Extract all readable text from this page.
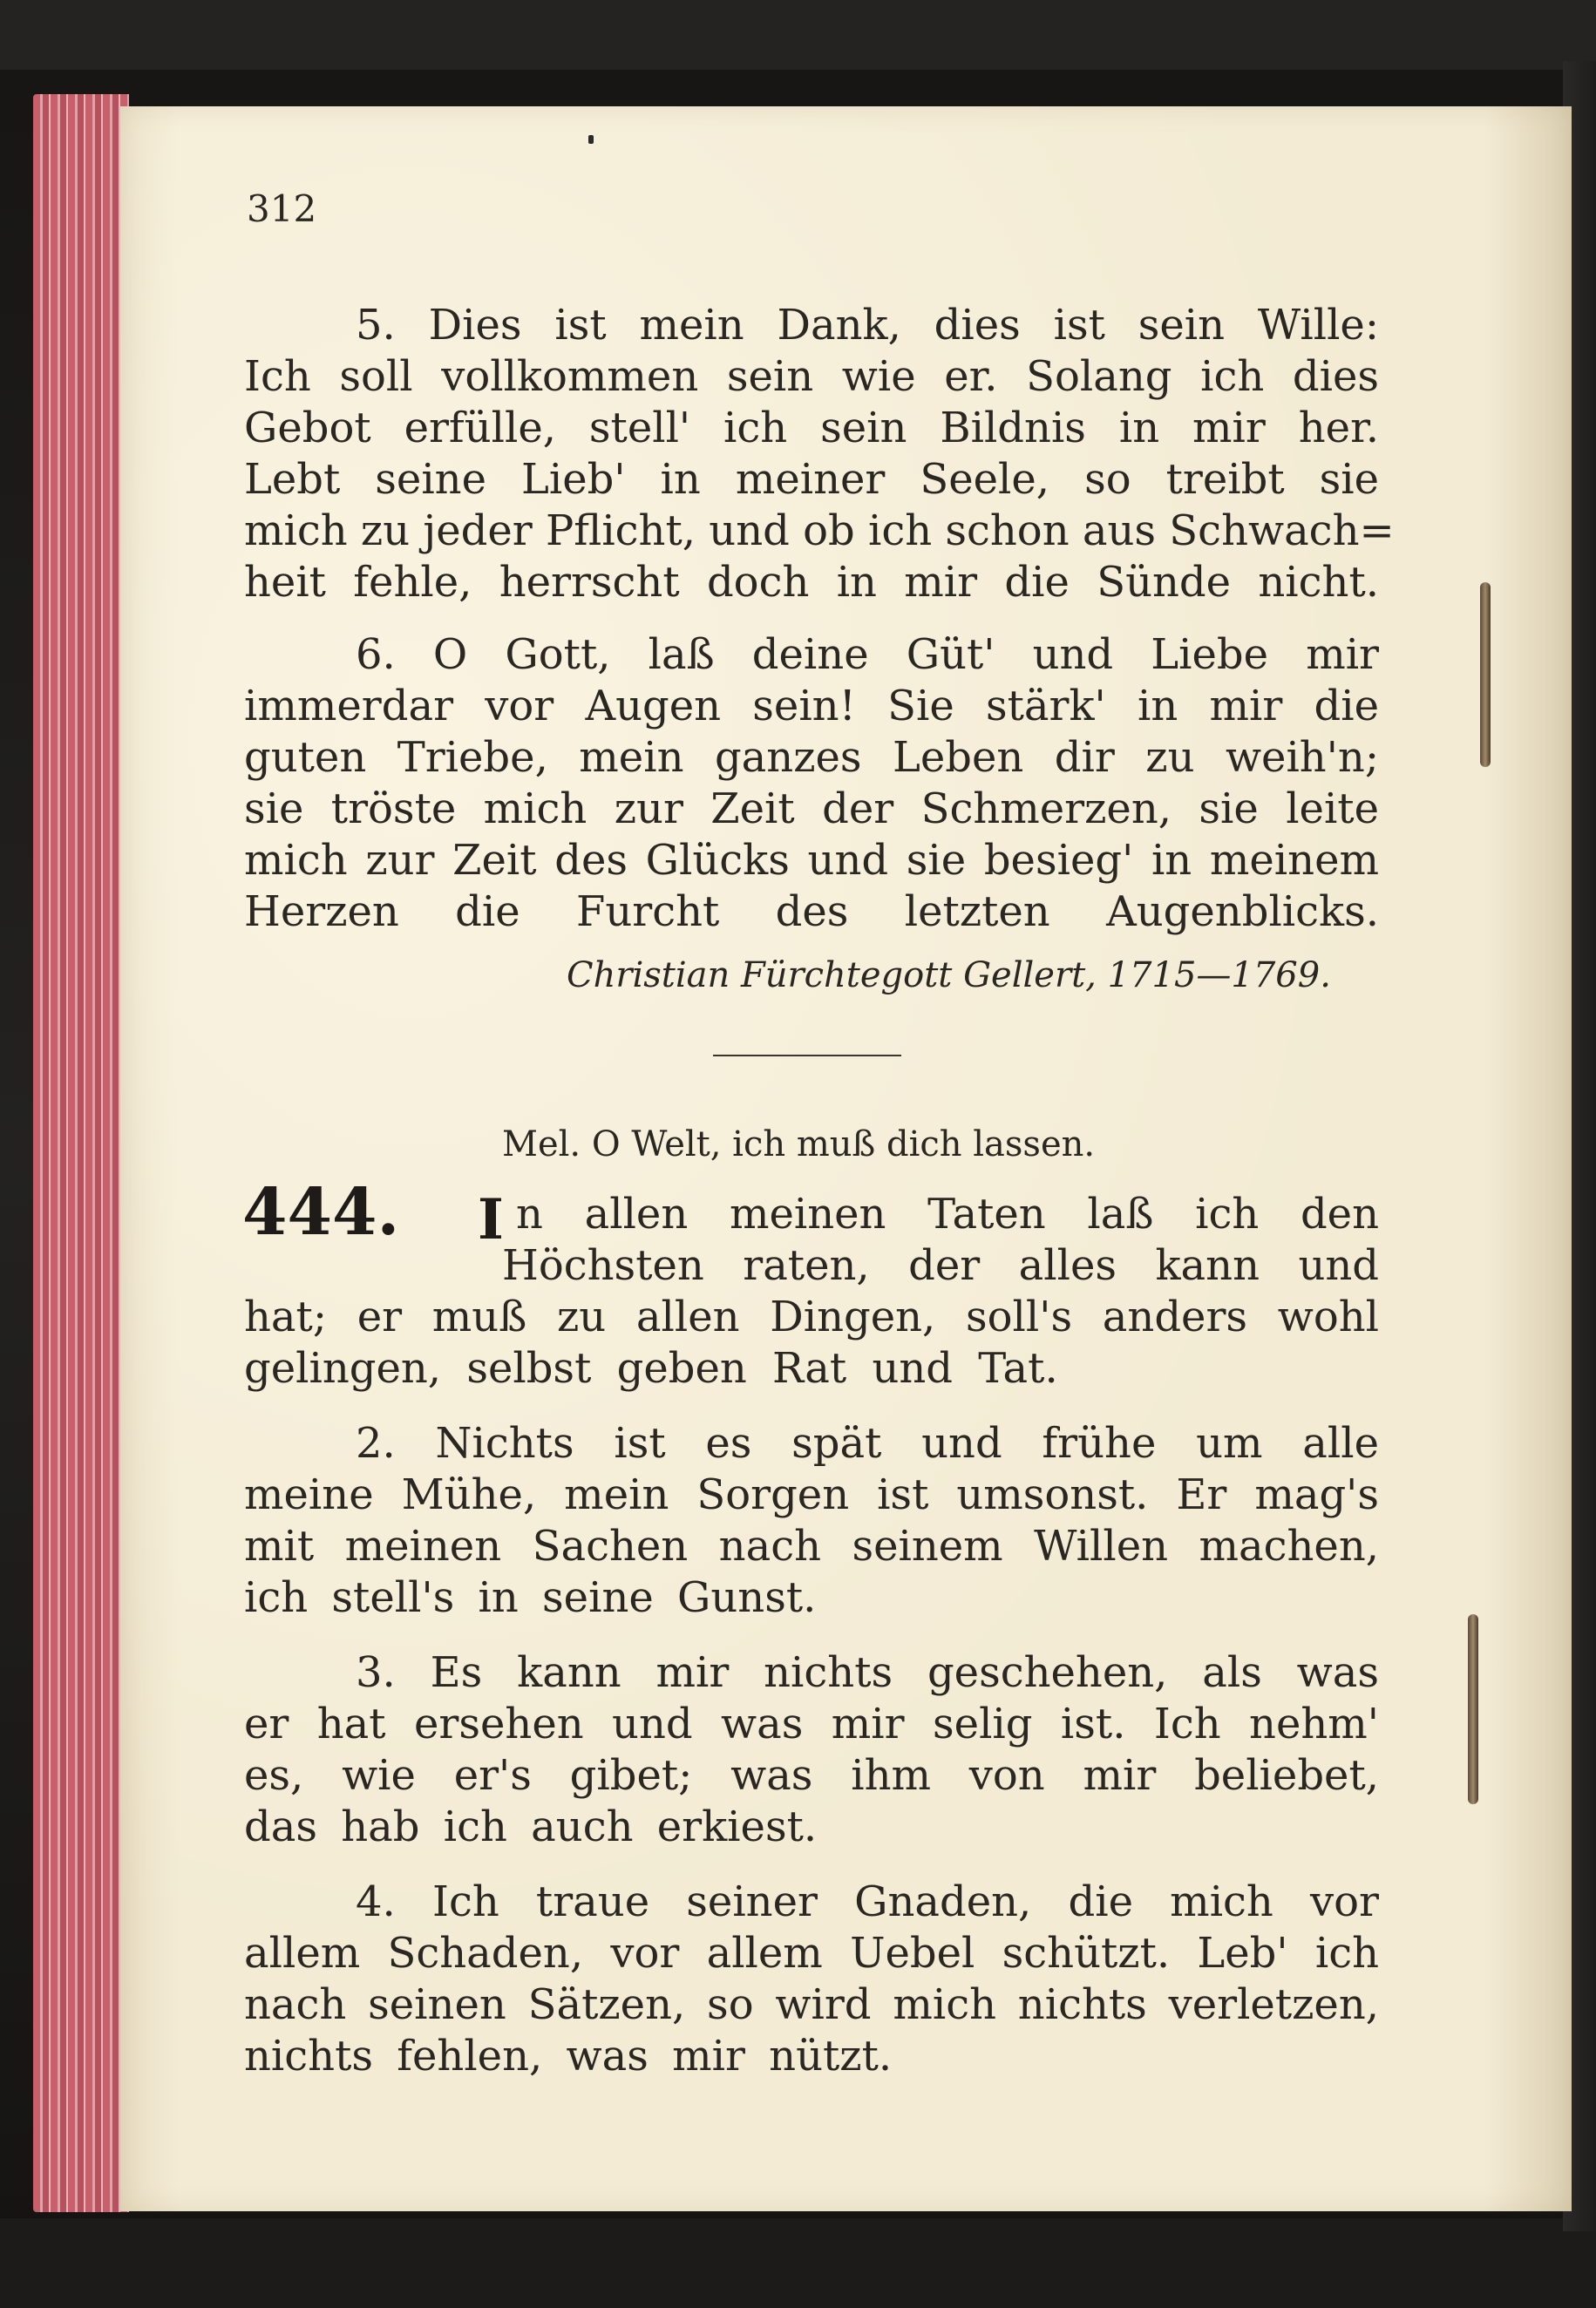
312
5. Dies ist mein Dank, dies ist sein Wille:
Ich soll vollkommen sein wie er. Solang ich dies
Gebot erfülle, stell' ich sein Bildnis in mir her.
Lebt seine Lieb' in meiner Seele, so treibt sie
mich zu jeder Pflicht, und ob ich schon aus Schwach=
heit fehle, herrscht doch in mir die Sünde nicht.
6. O Gott, laß deine Güt' und Liebe mir
immerdar vor Augen sein! Sie stärk' in mir die
guten Triebe, mein ganzes Leben dir zu weih'n;
sie tröste mich zur Zeit der Schmerzen, sie leite
mich zur Zeit des Glücks und sie besieg' in meinem
Herzen die Furcht des letzten Augenblicks.
Christian Fürchtegott Gellert, 1715—1769.
Mel. O Welt, ich muß dich lassen.
444. I n allen meinen Taten laß ich den
Höchsten raten, der alles kann und
hat; er muß zu allen Dingen, soll's anders wohl
gelingen, selbst geben Rat und Tat.
2. Nichts ist es spät und frühe um alle
meine Mühe, mein Sorgen ist umsonst. Er mag's
mit meinen Sachen nach seinem Willen machen,
ich stell's in seine Gunst.
3. Es kann mir nichts geschehen, als was
er hat ersehen und was mir selig ist. Ich nehm'
es, wie er's gibet; was ihm von mir beliebet,
das hab ich auch erkiest.
4. Ich traue seiner Gnaden, die mich vor
allem Schaden, vor allem Uebel schützt. Leb' ich
nach seinen Sätzen, so wird mich nichts verletzen,
nichts fehlen, was mir nützt.
